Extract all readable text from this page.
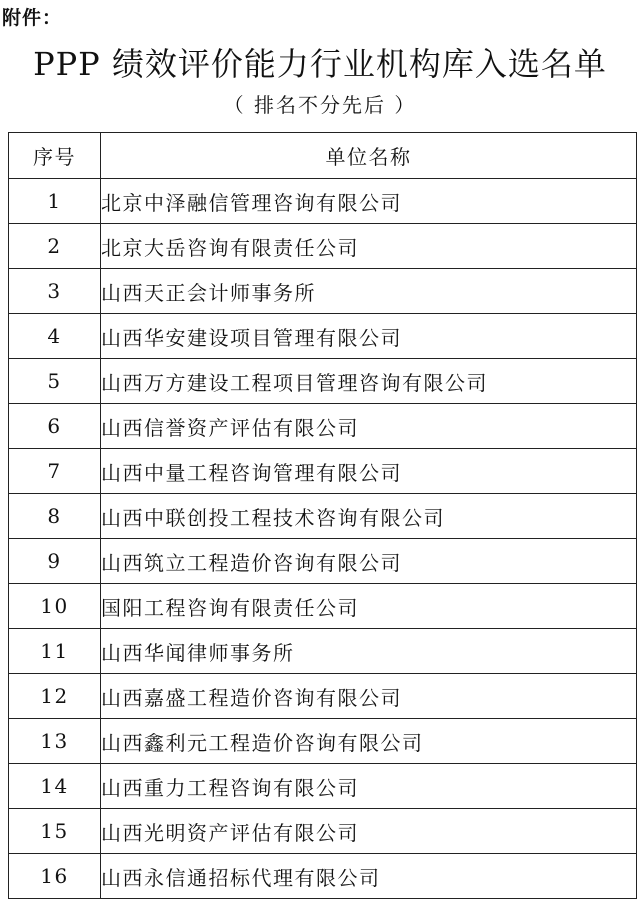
附件：
PPP 绩效评价能力行业机构库入选名单
（ 排名不分先后 ）
序号	单位名称
1	北京中泽融信管理咨询有限公司
2	北京大岳咨询有限责任公司
3	山西天正会计师事务所
4	山西华安建设项目管理有限公司
5	山西万方建设工程项目管理咨询有限公司
6	山西信誉资产评估有限公司
7	山西中量工程咨询管理有限公司
8	山西中联创投工程技术咨询有限公司
9	山西筑立工程造价咨询有限公司
10	国阳工程咨询有限责任公司
11	山西华闻律师事务所
12	山西嘉盛工程造价咨询有限公司
13	山西鑫利元工程造价咨询有限公司
14	山西重力工程咨询有限公司
15	山西光明资产评估有限公司
16	山西永信通招标代理有限公司
